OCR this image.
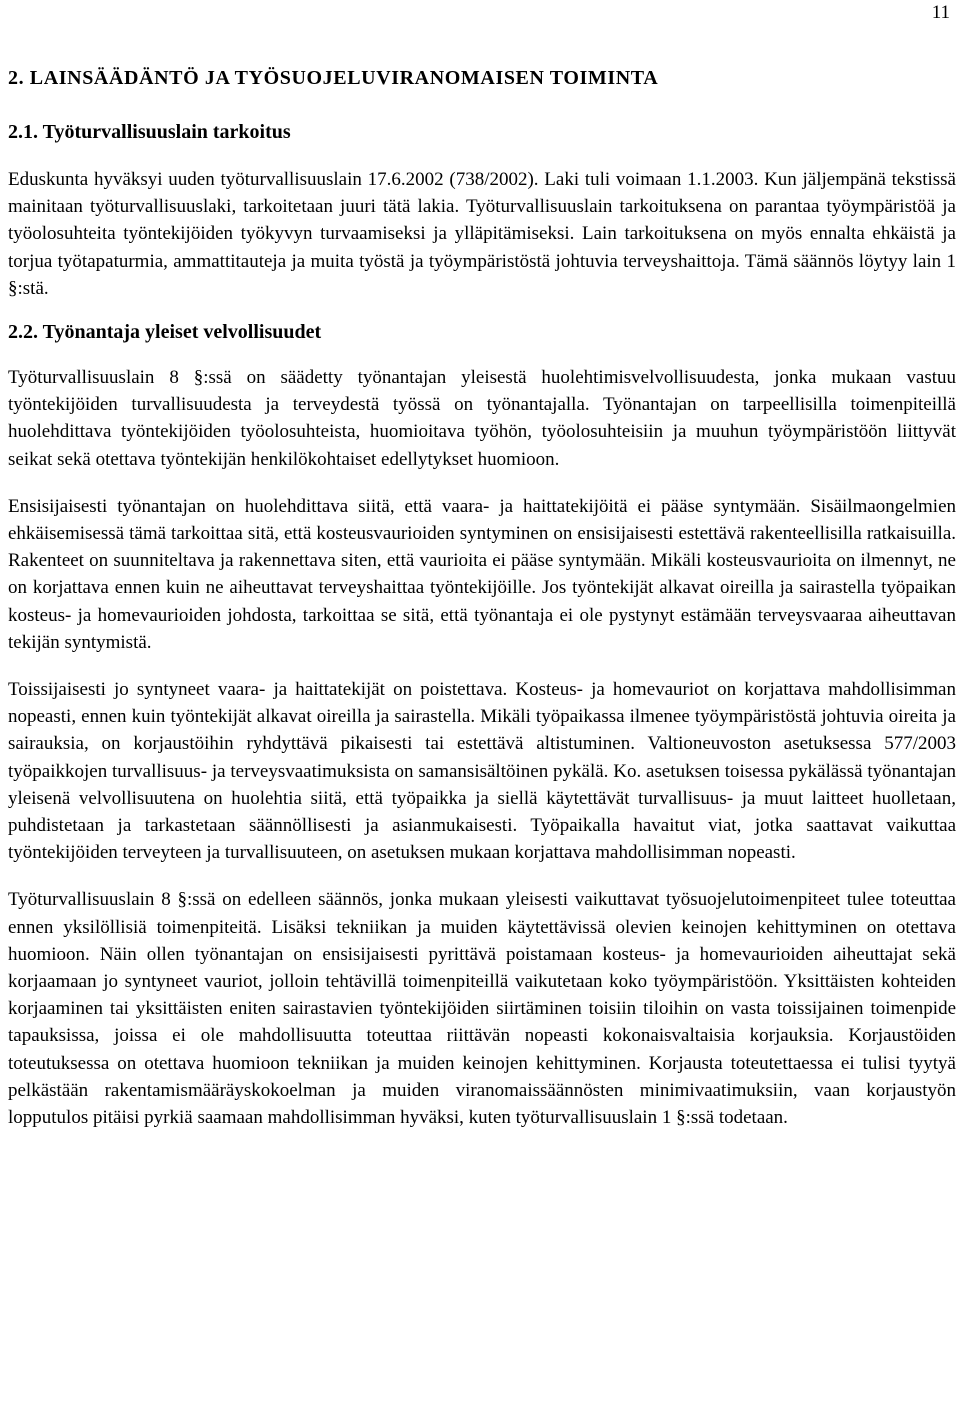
11
2. LAINSÄÄDÄNTÖ JA TYÖSUOJELUVIRANOMAISEN TOIMINTA
2.1. Työturvallisuuslain tarkoitus

Eduskunta hyväksyi uuden työturvallisuuslain 17.6.2002 (738/2002). Laki tuli voimaan 1.1.2003. Kun jäljempänä tekstissä mainitaan työturvallisuuslaki, tarkoitetaan juuri tätä lakia. Työturvallisuuslain tarkoituksena on parantaa työympäristöä ja työolosuhteita työntekijöiden työkyvyn turvaamiseksi ja ylläpitämiseksi. Lain tarkoituksena on myös ennalta ehkäistä ja torjua työtapaturmia, ammattitauteja ja muita työstä ja työympäristöstä johtuvia terveyshaittoja. Tämä säännös löytyy lain 1 §:stä.

2.2. Työnantaja yleiset velvollisuudet

Työturvallisuuslain 8 §:ssä on säädetty työnantajan yleisestä huolehtimisvelvollisuudesta, jonka mukaan vastuu työntekijöiden turvallisuudesta ja terveydestä työssä on työnantajalla. Työnantajan on tarpeellisilla toimenpiteillä huolehdittava työntekijöiden työolosuhteista, huomioitava työhön, työolosuhteisiin ja muuhun työympäristöön liittyvät seikat sekä otettava työntekijän henkilökohtaiset edellytykset huomioon.

Ensisijaisesti työnantajan on huolehdittava siitä, että vaara- ja haittatekijöitä ei pääse syntymään. Sisäilmaongelmien ehkäisemisessä tämä tarkoittaa sitä, että kosteusvaurioiden syntyminen on ensisijaisesti estettävä rakenteellisilla ratkaisuilla. Rakenteet on suunniteltava ja rakennettava siten, että vaurioita ei pääse syntymään. Mikäli kosteusvaurioita on ilmennyt, ne on korjattava ennen kuin ne aiheuttavat terveyshaittaa työntekijöille. Jos työntekijät alkavat oireilla ja sairastella työpaikan kosteus- ja homevaurioiden johdosta, tarkoittaa se sitä, että työnantaja ei ole pystynyt estämään terveysvaaraa aiheuttavan tekijän syntymistä.

Toissijaisesti jo syntyneet vaara- ja haittatekijät on poistettava. Kosteus- ja homevauriot on korjattava mahdollisimman nopeasti, ennen kuin työntekijät alkavat oireilla ja sairastella. Mikäli työpaikassa ilmenee työympäristöstä johtuvia oireita ja sairauksia, on korjaustöihin ryhdyttävä pikaisesti tai estettävä altistuminen. Valtioneuvoston asetuksessa 577/2003 työpaikkojen turvallisuus- ja terveysvaatimuksista on samansisältöinen pykälä. Ko. asetuksen toisessa pykälässä työnantajan yleisenä velvollisuutena on huolehtia siitä, että työpaikka ja siellä käytettävät turvallisuus- ja muut laitteet huolletaan, puhdistetaan ja tarkastetaan säännöllisesti ja asianmukaisesti. Työpaikalla havaitut viat, jotka saattavat vaikuttaa työntekijöiden terveyteen ja turvallisuuteen, on asetuksen mukaan korjattava mahdollisimman nopeasti.

Työturvallisuuslain 8 §:ssä on edelleen säännös, jonka mukaan yleisesti vaikuttavat työsuojelutoimenpiteet tulee toteuttaa ennen yksilöllisiä toimenpiteitä. Lisäksi tekniikan ja muiden käytettävissä olevien keinojen kehittyminen on otettava huomioon. Näin ollen työnantajan on ensisijaisesti pyrittävä poistamaan kosteus- ja homevaurioiden aiheuttajat sekä korjaamaan jo syntyneet vauriot, jolloin tehtävillä toimenpiteillä vaikutetaan koko työympäristöön. Yksittäisten kohteiden korjaaminen tai yksittäisten eniten sairastavien työntekijöiden siirtäminen toisiin tiloihin on vasta toissijainen toimenpide tapauksissa, joissa ei ole mahdollisuutta toteuttaa riittävän nopeasti kokonaisvaltaisia korjauksia. Korjaustöiden toteutuksessa on otettava huomioon tekniikan ja muiden keinojen kehittyminen. Korjausta toteutettaessa ei tulisi tyytyä pelkästään rakentamismääräyskokoelman ja muiden viranomaissäännösten minimivaatimuksiin, vaan korjaustyön lopputulos pitäisi pyrkiä saamaan mahdollisimman hyväksi, kuten työturvallisuuslain 1 §:ssä todetaan.
